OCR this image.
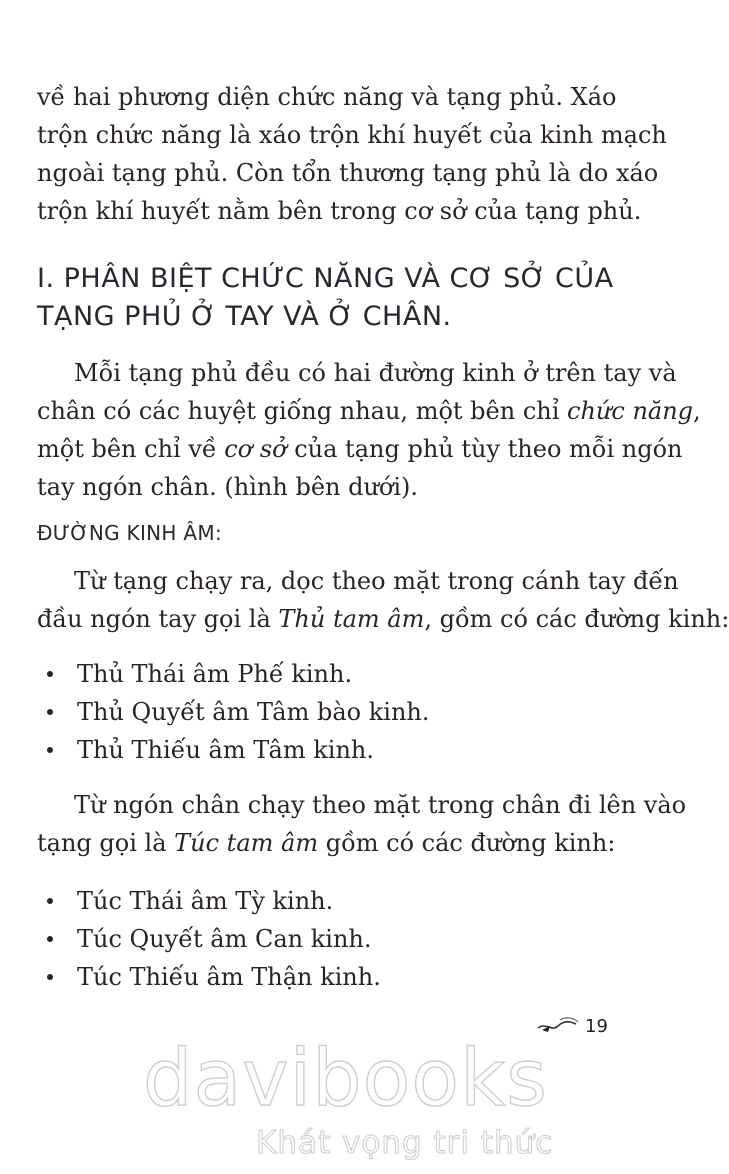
về hai phương diện chức năng và tạng phủ. Xáo
trộn chức năng là xáo trộn khí huyết của kinh mạch
ngoài tạng phủ. Còn tổn thương tạng phủ là do xáo
trộn khí huyết nằm bên trong cơ sở của tạng phủ.

I. PHÂN BIỆT CHỨC NĂNG VÀ CƠ SỞ CỦA
TẠNG PHỦ Ở TAY VÀ Ở CHÂN.

Mỗi tạng phủ đều có hai đường kinh ở trên tay và
chân có các huyệt giống nhau, một bên chỉ chức năng,
một bên chỉ về cơ sở của tạng phủ tùy theo mỗi ngón
tay ngón chân. (hình bên dưới).

ĐƯỜNG KINH ÂM:

Từ tạng chạy ra, dọc theo mặt trong cánh tay đến
đầu ngón tay gọi là Thủ tam âm, gồm có các đường kinh:

Thủ Thái âm Phế kinh.
Thủ Quyết âm Tâm bào kinh.
Thủ Thiếu âm Tâm kinh.

Từ ngón chân chạy theo mặt trong chân đi lên vào
tạng gọi là Túc tam âm gồm có các đường kinh:

Túc Thái âm Tỳ kinh.
Túc Quyết âm Can kinh.
Túc Thiếu âm Thận kinh.
davibooks
Khát vọng tri thức
19
